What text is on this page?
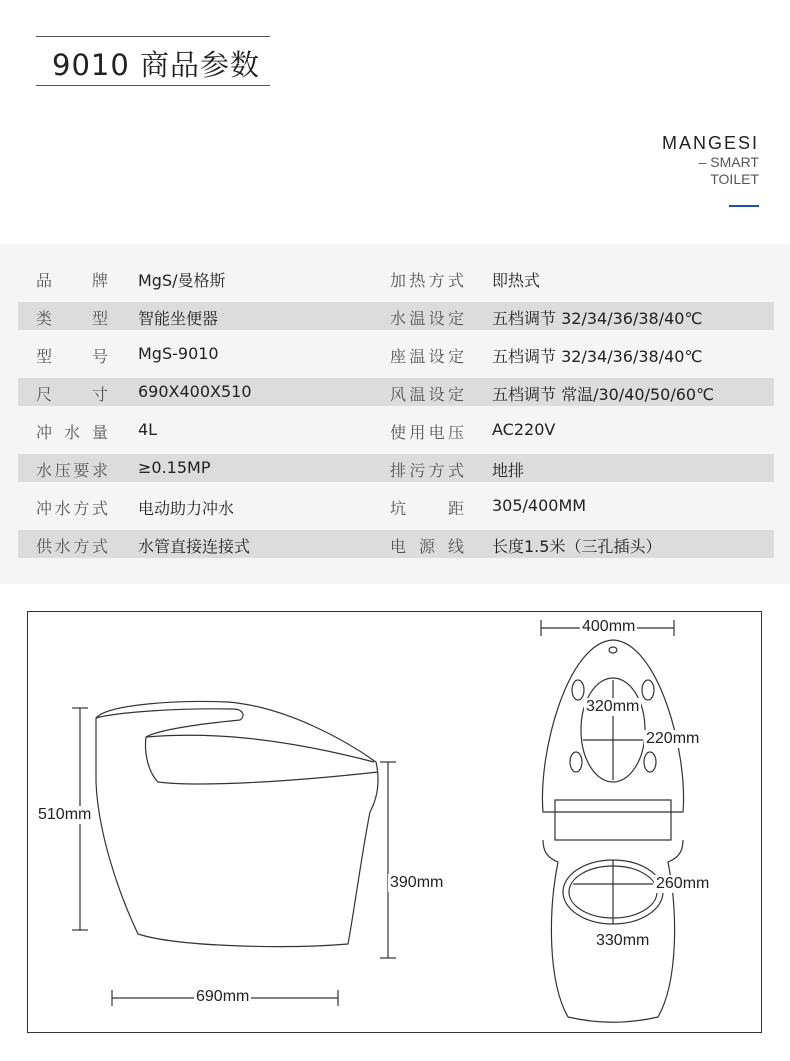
9010 商品参数
MANGESI
– SMART
TOILET
品牌 MgS/曼格斯	加热方式 即热式
类型 智能坐便器	水温设定 五档调节 32/34/36/38/40℃
型号 MgS-9010	座温设定 五档调节 32/34/36/38/40℃
尺寸 690X400X510	风温设定 五档调节 常温/30/40/50/60℃
冲水量 4L	使用电压 AC220V
水压要求 ≥0.15MP	排污方式 地排
冲水方式 电动助力冲水	坑距 305/400MM
供水方式 水管直接连接式	电源线 长度1.5米（三孔插头）
510mm
390mm
690mm
400mm
320mm
220mm
260mm
330mm
